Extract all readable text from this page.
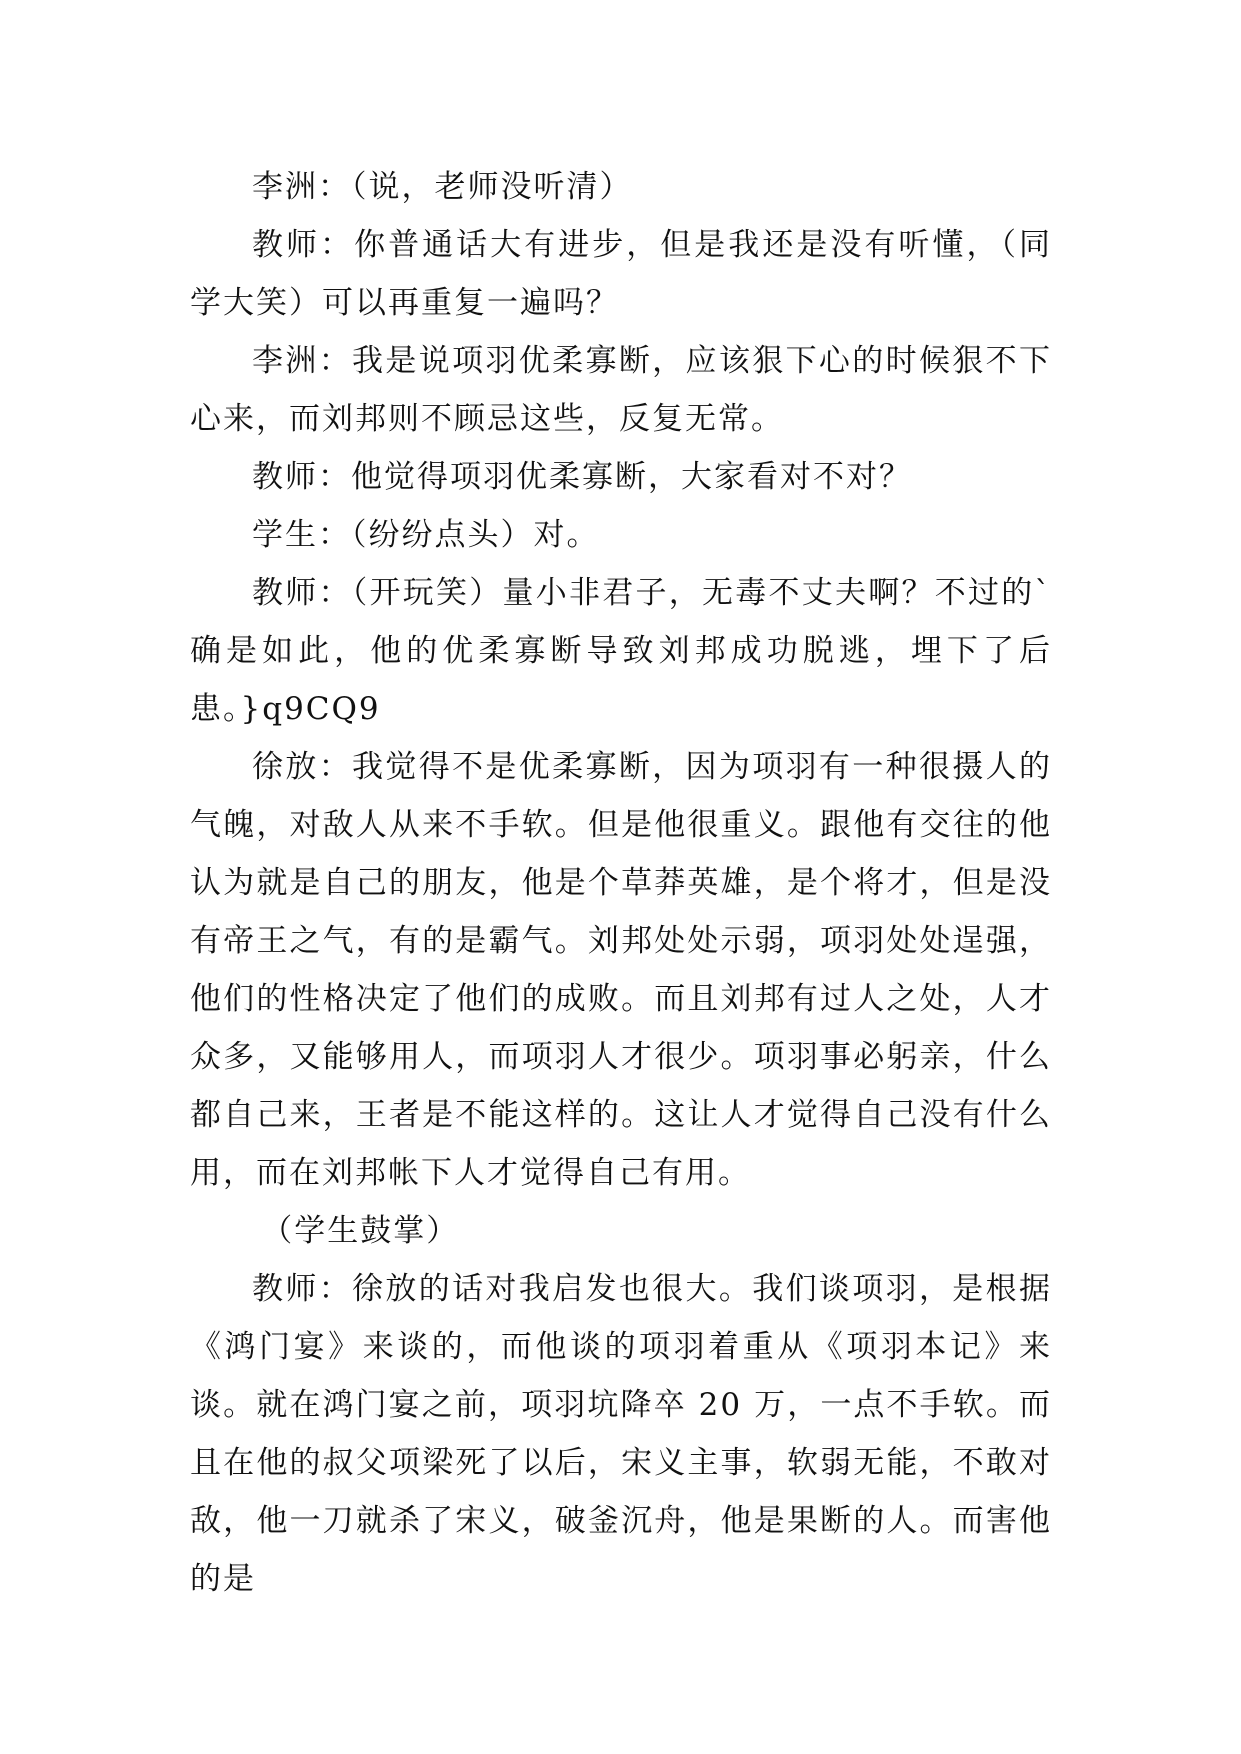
李洲：（说，老师没听清）

教师：你普通话大有进步，但是我还是没有听懂，（同学大笑）可以再重复一遍吗？

李洲：我是说项羽优柔寡断，应该狠下心的时候狠不下心来，而刘邦则不顾忌这些，反复无常。

教师：他觉得项羽优柔寡断，大家看对不对？

学生：（纷纷点头）对。

教师：（开玩笑）量小非君子，无毒不丈夫啊？不过的`确是如此，他的优柔寡断导致刘邦成功脱逃，埋下了后患。}q9CQ9

徐放：我觉得不是优柔寡断，因为项羽有一种很摄人的气魄，对敌人从来不手软。但是他很重义。跟他有交往的他认为就是自己的朋友，他是个草莽英雄，是个将才，但是没有帝王之气，有的是霸气。刘邦处处示弱，项羽处处逞强，他们的性格决定了他们的成败。而且刘邦有过人之处，人才众多，又能够用人，而项羽人才很少。项羽事必躬亲，什么都自己来，王者是不能这样的。这让人才觉得自己没有什么用，而在刘邦帐下人才觉得自己有用。

（学生鼓掌）

教师：徐放的话对我启发也很大。我们谈项羽，是根据《鸿门宴》来谈的，而他谈的项羽着重从《项羽本记》来谈。就在鸿门宴之前，项羽坑降卒 20 万，一点不手软。而且在他的叔父项梁死了以后，宋义主事，软弱无能，不敢对敌，他一刀就杀了宋义，破釜沉舟，他是果断的人。而害他的是
